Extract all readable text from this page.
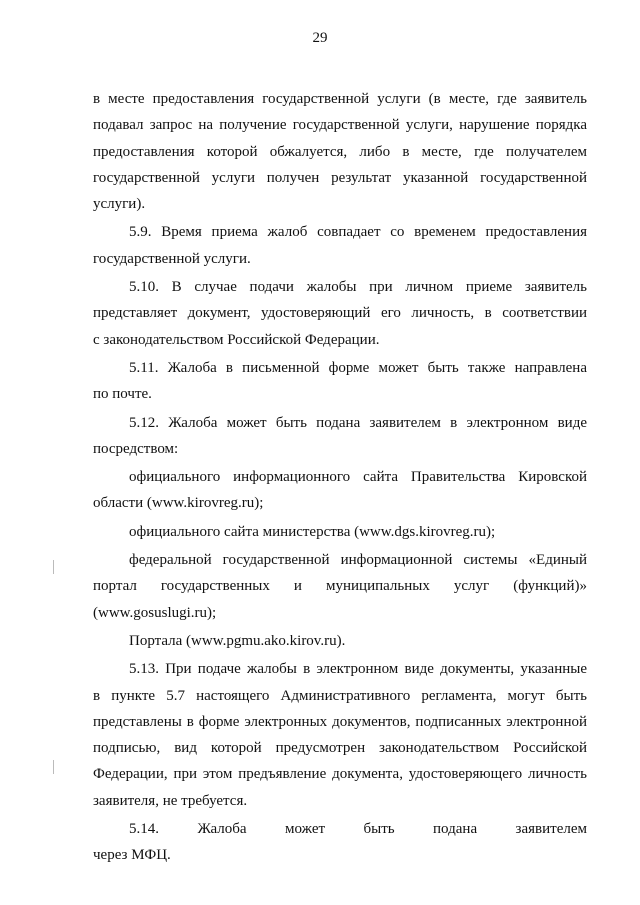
29
в месте предоставления государственной услуги (в месте, где заявитель
подавал запрос на получение государственной услуги, нарушение порядка
предоставления которой обжалуется, либо в месте, где получателем
государственной услуги получен результат указанной государственной
услуги).
5.9. Время приема жалоб совпадает со временем предоставления
государственной услуги.
5.10. В случае подачи жалобы при личном приеме заявитель
представляет документ, удостоверяющий его личность, в соответствии
с законодательством Российской Федерации.
5.11. Жалоба в письменной форме может быть также направлена
по почте.
5.12. Жалоба может быть подана заявителем в электронном виде
посредством:
официального информационного сайта Правительства Кировской
области (www.kirovreg.ru);
официального сайта министерства (www.dgs.kirovreg.ru);
федеральной государственной информационной системы «Единый
портал государственных и муниципальных услуг (функций)»
(www.gosuslugi.ru);
Портала (www.pgmu.ako.kirov.ru).
5.13. При подаче жалобы в электронном виде документы, указанные
в пункте 5.7 настоящего Административного регламента, могут быть
представлены в форме электронных документов, подписанных электронной
подписью, вид которой предусмотрен законодательством Российской
Федерации, при этом предъявление документа, удостоверяющего личность
заявителя, не требуется.
5.14. Жалоба может быть подана заявителем
через МФЦ.
